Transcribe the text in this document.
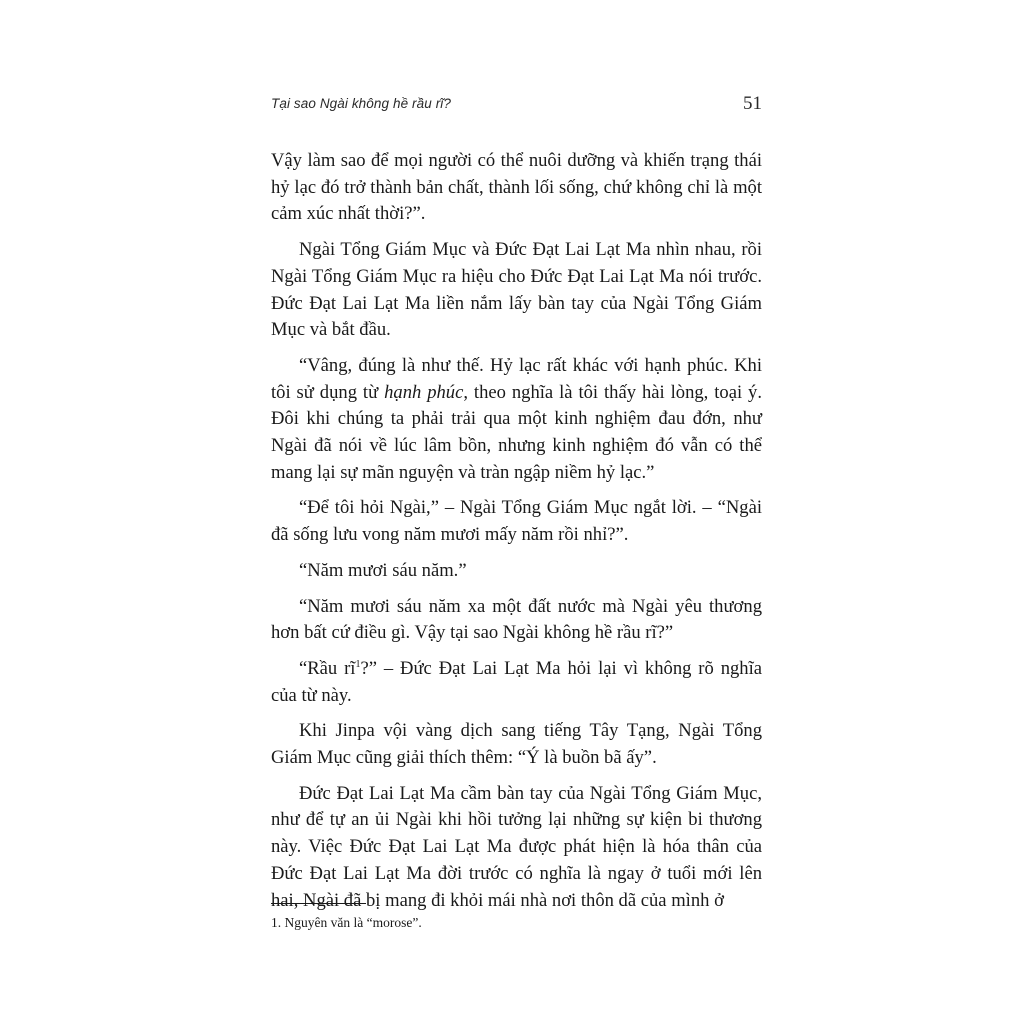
Tại sao Ngài không hề rầu rĩ?	51

Vậy làm sao để mọi người có thể nuôi dưỡng và khiến trạng thái hỷ lạc đó trở thành bản chất, thành lối sống, chứ không chỉ là một cảm xúc nhất thời?”.

Ngài Tổng Giám Mục và Đức Đạt Lai Lạt Ma nhìn nhau, rồi Ngài Tổng Giám Mục ra hiệu cho Đức Đạt Lai Lạt Ma nói trước. Đức Đạt Lai Lạt Ma liền nắm lấy bàn tay của Ngài Tổng Giám Mục và bắt đầu.

“Vâng, đúng là như thế. Hỷ lạc rất khác với hạnh phúc. Khi tôi sử dụng từ hạnh phúc, theo nghĩa là tôi thấy hài lòng, toại ý. Đôi khi chúng ta phải trải qua một kinh nghiệm đau đớn, như Ngài đã nói về lúc lâm bồn, nhưng kinh nghiệm đó vẫn có thể mang lại sự mãn nguyện và tràn ngập niềm hỷ lạc.”

“Để tôi hỏi Ngài,” – Ngài Tổng Giám Mục ngắt lời. – “Ngài đã sống lưu vong năm mươi mấy năm rồi nhỉ?”.

“Năm mươi sáu năm.”

“Năm mươi sáu năm xa một đất nước mà Ngài yêu thương hơn bất cứ điều gì. Vậy tại sao Ngài không hề rầu rĩ?”

“Rầu $rĩ^1$?” – Đức Đạt Lai Lạt Ma hỏi lại vì không rõ nghĩa của từ này.

Khi Jinpa vội vàng dịch sang tiếng Tây Tạng, Ngài Tổng Giám Mục cũng giải thích thêm: “Ý là buồn bã ấy”.

Đức Đạt Lai Lạt Ma cầm bàn tay của Ngài Tổng Giám Mục, như để tự an ủi Ngài khi hồi tưởng lại những sự kiện bi thương này. Việc Đức Đạt Lai Lạt Ma được phát hiện là hóa thân của Đức Đạt Lai Lạt Ma đời trước có nghĩa là ngay ở tuổi mới lên hai, Ngài đã bị mang đi khỏi mái nhà nơi thôn dã của mình ở

1. Nguyên văn là “morose”.
